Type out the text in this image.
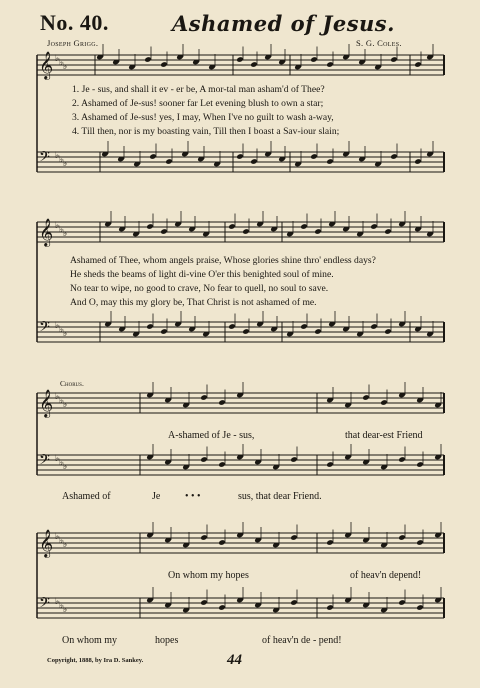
𝄞 ♭ ♭ ♭
𝄢 ♭ ♭ ♭
𝄞 ♭ ♭ ♭
𝄢 ♭ ♭ ♭
𝄞 ♭ ♭ ♭
𝄢 ♭ ♭ ♭
𝄞 ♭ ♭ ♭
𝄢 ♭ ♭ ♭
No. 40.	Ashamed of Jesus.
Joseph Grigg.	S. G. Coles.
1. Je - sus, and shall it ev - er be, A mor-tal man asham'd of Thee?
2. Ashamed of Je-sus! sooner far Let evening blush to own a star;
3. Ashamed of Je-sus! yes, I may, When I've no guilt to wash a-way,
4. Till then, nor is my boasting vain, Till then I boast a Sav-iour slain;
Ashamed of Thee, whom angels praise, Whose glories shine thro' endless days?
He sheds the beams of light di-vine O'er this benighted soul of mine.
No tear to wipe, no good to crave, No fear to quell, no soul to save.
And O, may this my glory be, That Christ is not ashamed of me.
Chorus.
A-shamed of Je - sus,	that dear-est Friend
Ashamed of	Je • • •	sus, that dear Friend.
On whom my hopes	of heav'n depend!
On whom my	hopes	of heav'n de - pend!
Copyright, 1888, by Ira D. Sankey.	44
